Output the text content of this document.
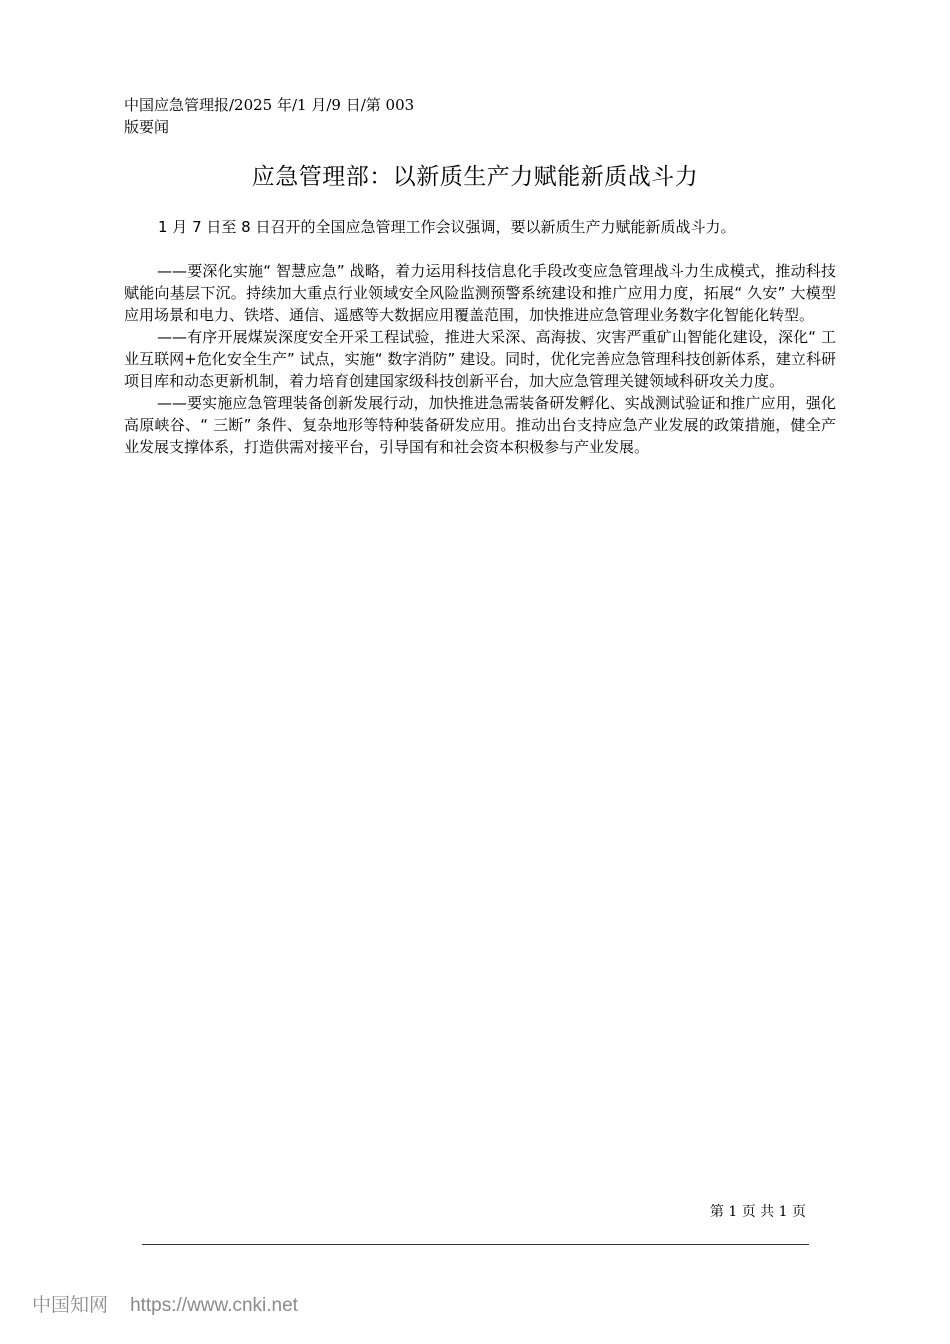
中国应急管理报/2025 年/1 月/9 日/第 003
版要闻
应急管理部：以新质生产力赋能新质战斗力
1 月 7 日至 8 日召开的全国应急管理工作会议强调，要以新质生产力赋能新质战斗力。

——要深化实施“ 智慧应急” 战略，着力运用科技信息化手段改变应急管理战斗力生成模式，推动科技赋能向基层下沉。持续加大重点行业领域安全风险监测预警系统建设和推广应用力度，拓展“ 久安” 大模型应用场景和电力、铁塔、通信、遥感等大数据应用覆盖范围，加快推进应急管理业务数字化智能化转型。

——有序开展煤炭深度安全开采工程试验，推进大采深、高海拔、灾害严重矿山智能化建设，深化“ 工业互联网+危化安全生产” 试点，实施“ 数字消防” 建设。同时，优化完善应急管理科技创新体系，建立科研项目库和动态更新机制，着力培育创建国家级科技创新平台，加大应急管理关键领域科研攻关力度。

——要实施应急管理装备创新发展行动，加快推进急需装备研发孵化、实战测试验证和推广应用，强化高原峡谷、“ 三断” 条件、复杂地形等特种装备研发应用。推动出台支持应急产业发展的政策措施，健全产业发展支撑体系，打造供需对接平台，引导国有和社会资本积极参与产业发展。

第 1 页 共 1 页
中国知网 https://www.cnki.net
